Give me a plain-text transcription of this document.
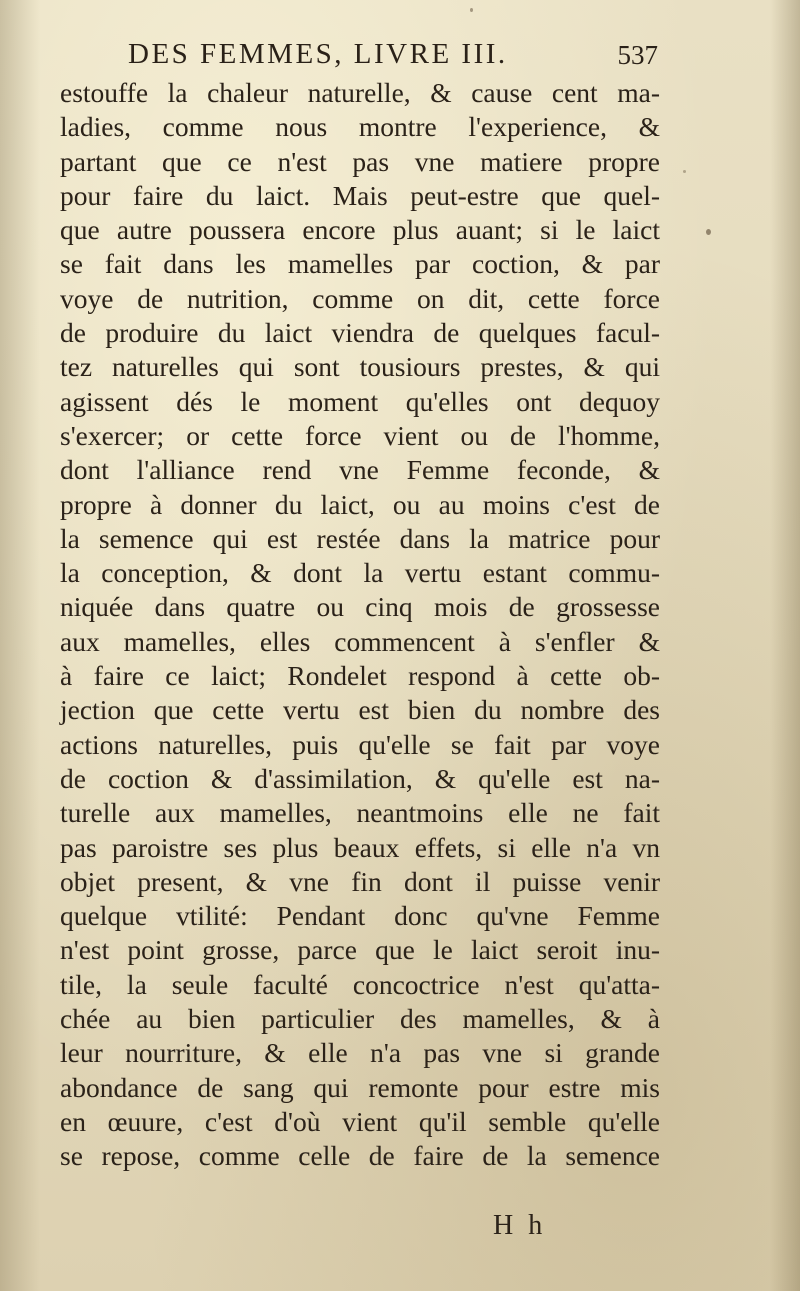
DES FEMMES, LIVRE III.	537
estouffe la chaleur naturelle, & cause cent ma-
ladies, comme nous montre l'experience, &
partant que ce n'est pas vne matiere propre
pour faire du laict. Mais peut-estre que quel-
que autre poussera encore plus auant; si le laict
se fait dans les mamelles par coction, & par
voye de nutrition, comme on dit, cette force
de produire du laict viendra de quelques facul-
tez naturelles qui sont tousiours prestes, & qui
agissent dés le moment qu'elles ont dequoy
s'exercer; or cette force vient ou de l'homme,
dont l'alliance rend vne Femme feconde, &
propre à donner du laict, ou au moins c'est de
la semence qui est restée dans la matrice pour
la conception, & dont la vertu estant commu-
niquée dans quatre ou cinq mois de grossesse
aux mamelles, elles commencent à s'enfler &
à faire ce laict; Rondelet respond à cette ob-
jection que cette vertu est bien du nombre des
actions naturelles, puis qu'elle se fait par voye
de coction & d'assimilation, & qu'elle est na-
turelle aux mamelles, neantmoins elle ne fait
pas paroistre ses plus beaux effets, si elle n'a vn
objet present, & vne fin dont il puisse venir
quelque vtilité: Pendant donc qu'vne Femme
n'est point grosse, parce que le laict seroit inu-
tile, la seule faculté concoctrice n'est qu'atta-
chée au bien particulier des mamelles, & à
leur nourriture, & elle n'a pas vne si grande
abondance de sang qui remonte pour estre mis
en œuure, c'est d'où vient qu'il semble qu'elle
se repose, comme celle de faire de la semence
H h
